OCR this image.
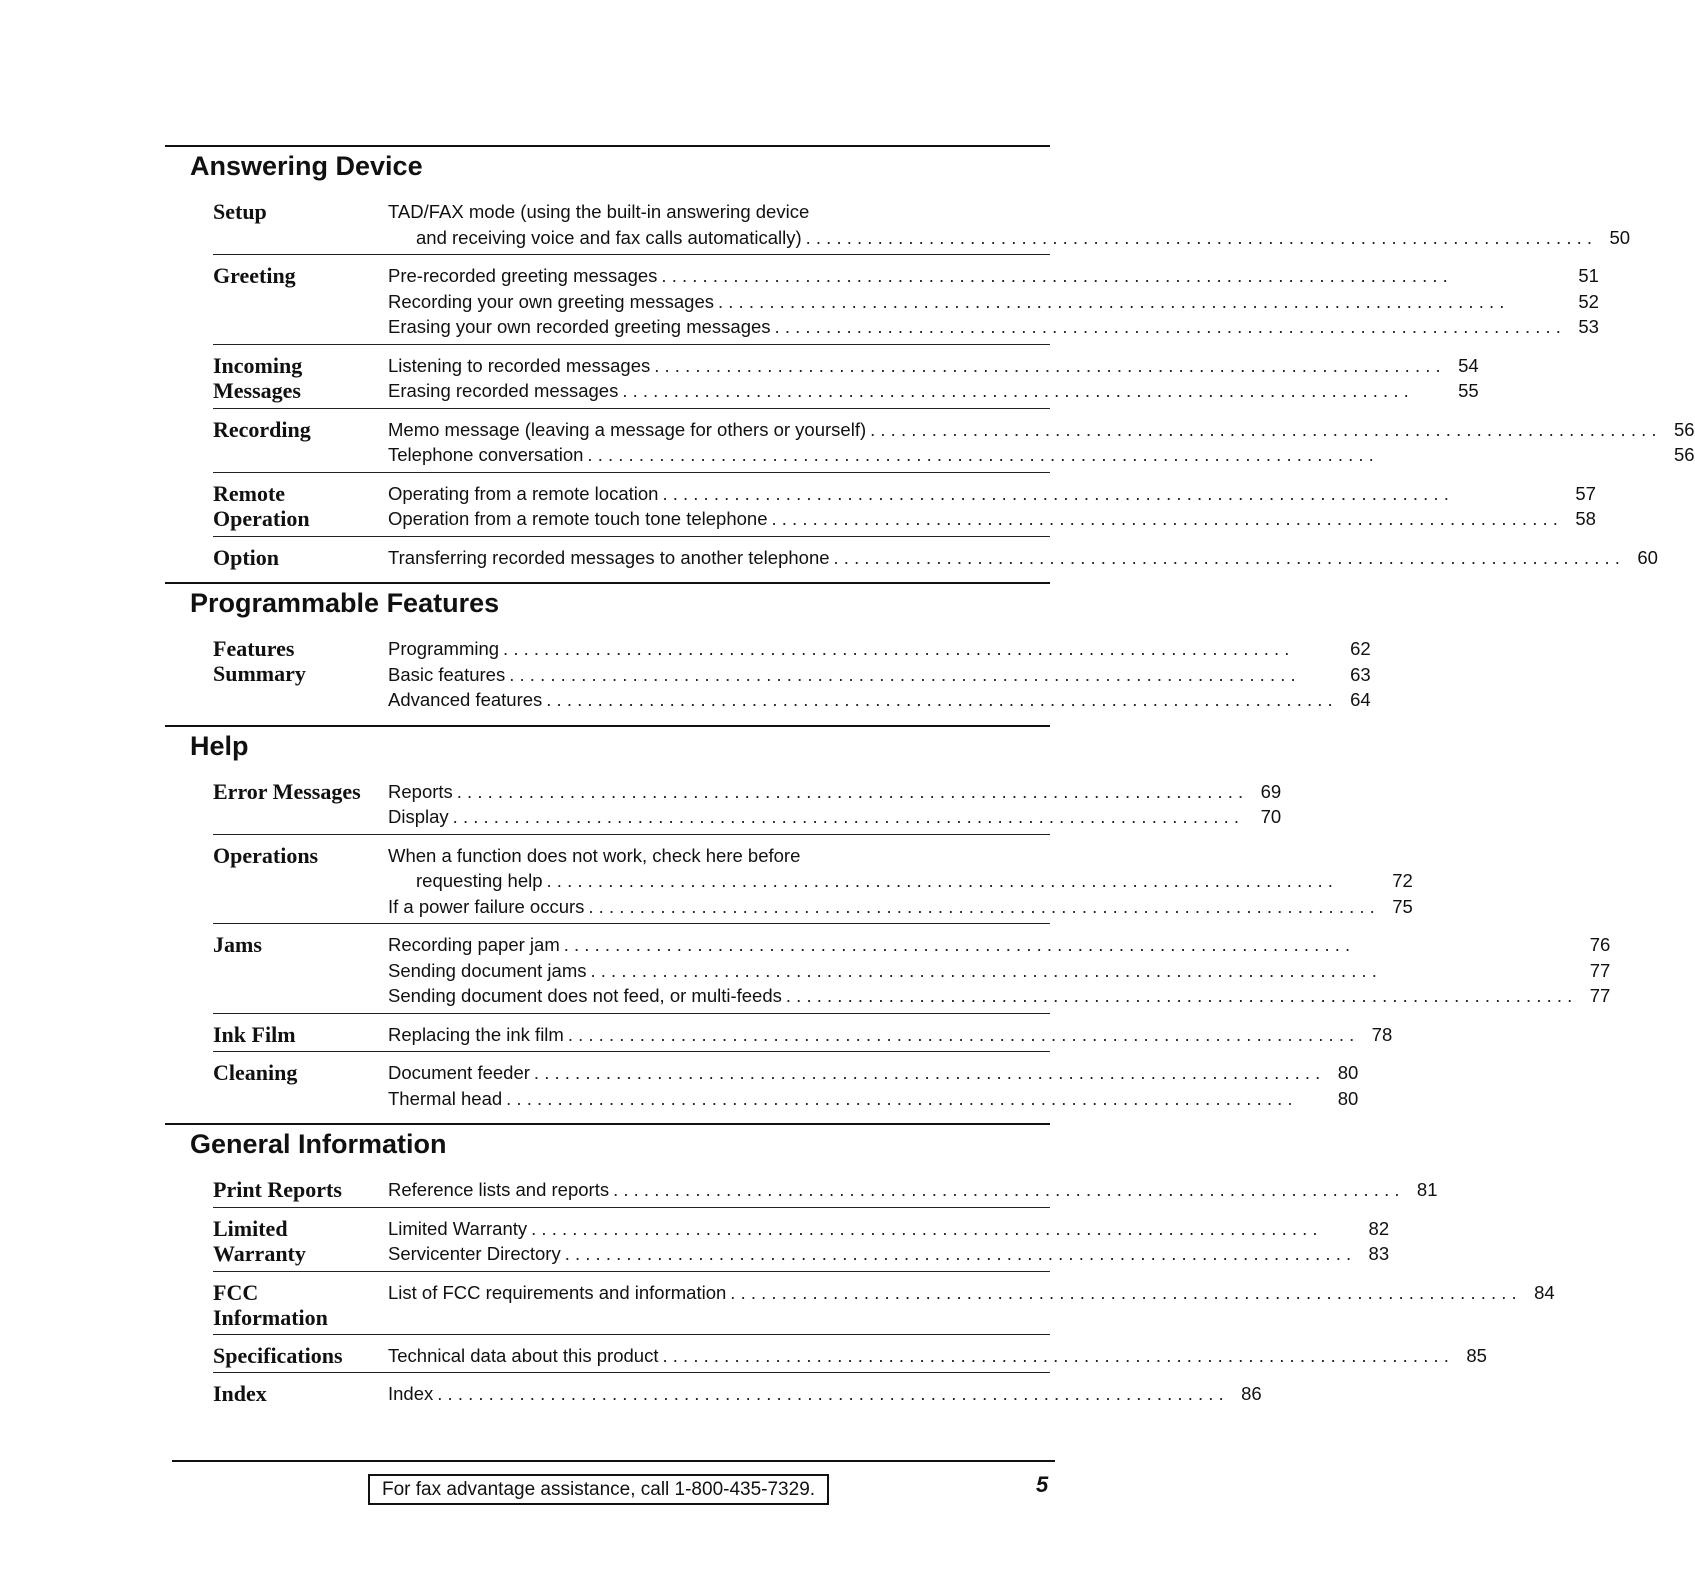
Answering Device
Setup	TAD/FAX mode (using the built-in answering device
and receiving voice and fax calls automatically) . . .	50
Greeting	Pre-recorded greeting messages . . .	51
Recording your own greeting messages . . .	52
Erasing your own recorded greeting messages . . .	53
Incoming
Messages
Listening to recorded messages . . .	54
Erasing recorded messages . . .	55
Recording	Memo message (leaving a message for others or yourself) . . .	56
Telephone conversation . . .	56
Remote
Operation
Operating from a remote location . . .	57
Operation from a remote touch tone telephone . . .	58
Option	Transferring recorded messages to another telephone . . .	60
Programmable Features
Features
Summary
Programming . . .	62
Basic features . . .	63
Advanced features . . .	64
Help
Error Messages	Reports . . .	69
Display . . .	70
Operations	When a function does not work, check here before
requesting help . . .	72
If a power failure occurs . . .	75
Jams	Recording paper jam . . .	76
Sending document jams . . .	77
Sending document does not feed, or multi-feeds . . .	77
Ink Film	Replacing the ink film . . .	78
Cleaning	Document feeder . . .	80
Thermal head . . .	80
General Information
Print Reports	Reference lists and reports . . .	81
Limited
Warranty
Limited Warranty . . .	82
Servicenter Directory . . .	83
FCC
Information
List of FCC requirements and information . . .	84
Specifications	Technical data about this product . . .	85
Index	Index . . .	86
For fax advantage assistance, call 1-800-435-7329.	5
